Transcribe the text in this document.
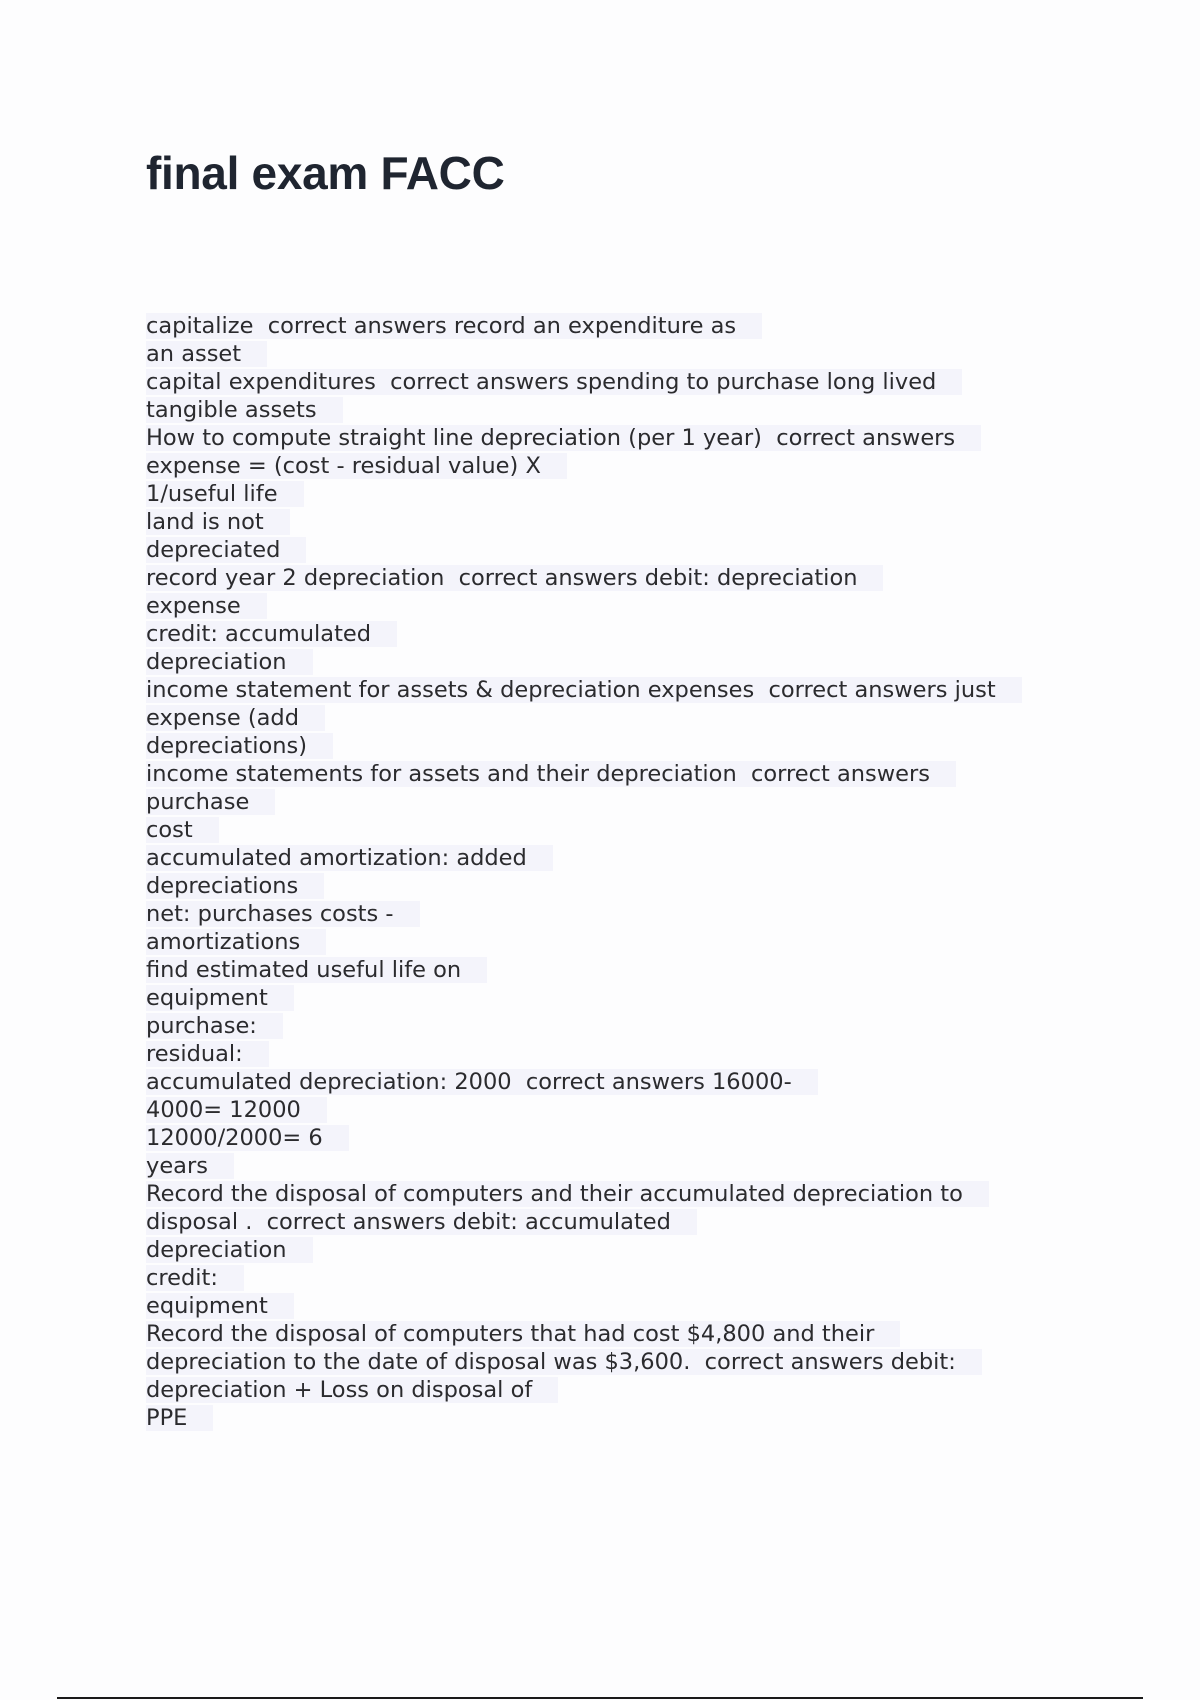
final exam FACC
capitalize  correct answers record an expenditure as
an asset
capital expenditures  correct answers spending to purchase long lived
tangible assets
How to compute straight line depreciation (per 1 year)  correct answers
expense = (cost - residual value) X
1/useful life
land is not
depreciated
record year 2 depreciation  correct answers debit: depreciation
expense
credit: accumulated
depreciation
income statement for assets & depreciation expenses  correct answers just
expense (add
depreciations)
income statements for assets and their depreciation  correct answers
purchase
cost
accumulated amortization: added
depreciations
net: purchases costs -
amortizations
find estimated useful life on
equipment
purchase:
residual:
accumulated depreciation: 2000  correct answers 16000-
4000= 12000
12000/2000= 6
years
Record the disposal of computers and their accumulated depreciation to
disposal .  correct answers debit: accumulated
depreciation
credit:
equipment
Record the disposal of computers that had cost $4,800 and their
depreciation to the date of disposal was $3,600.  correct answers debit:
depreciation + Loss on disposal of
PPE
